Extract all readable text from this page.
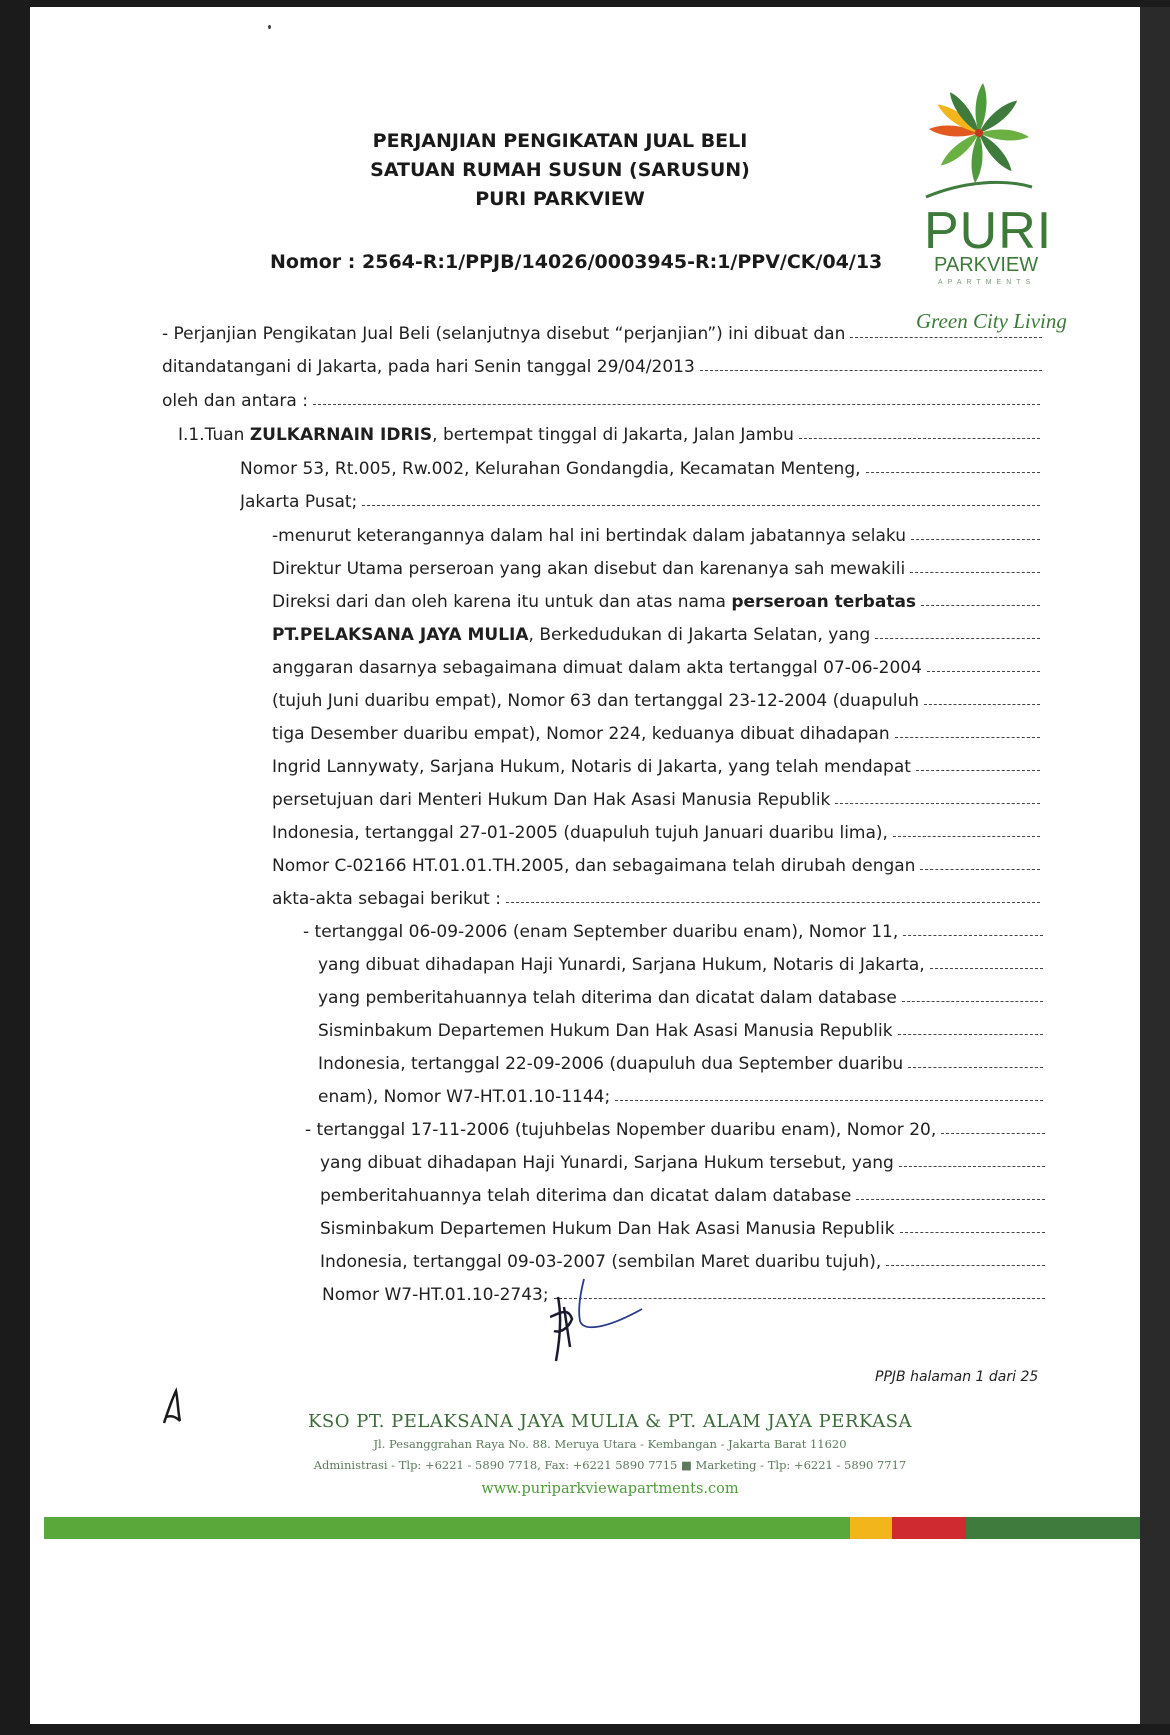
PERJANJIAN PENGIKATAN JUAL BELI
SATUAN RUMAH SUSUN (SARUSUN)
PURI PARKVIEW
Nomor : 2564-R:1/PPJB/14026/0003945-R:1/PPV/CK/04/13
PURI
PARKVIEW
APARTMENTS
Green City Living
- Perjanjian Pengikatan Jual Beli (selanjutnya disebut “perjanjian”) ini dibuat dan
ditandatangani di Jakarta, pada hari Senin tanggal 29/04/2013
oleh dan antara :
I.1.Tuan ZULKARNAIN IDRIS, bertempat tinggal di Jakarta, Jalan Jambu
Nomor 53, Rt.005, Rw.002, Kelurahan Gondangdia, Kecamatan Menteng,
Jakarta Pusat;
-menurut keterangannya dalam hal ini bertindak dalam jabatannya selaku
Direktur Utama perseroan yang akan disebut dan karenanya sah mewakili
Direksi dari dan oleh karena itu untuk dan atas nama perseroan terbatas
PT.PELAKSANA JAYA MULIA, Berkedudukan di Jakarta Selatan, yang
anggaran dasarnya sebagaimana dimuat dalam akta tertanggal 07-06-2004
(tujuh Juni duaribu empat), Nomor 63 dan tertanggal 23-12-2004 (duapuluh
tiga Desember duaribu empat), Nomor 224, keduanya dibuat dihadapan
Ingrid Lannywaty, Sarjana Hukum, Notaris di Jakarta, yang telah mendapat
persetujuan dari Menteri Hukum Dan Hak Asasi Manusia Republik
Indonesia, tertanggal 27-01-2005 (duapuluh tujuh Januari duaribu lima),
Nomor C-02166 HT.01.01.TH.2005, dan sebagaimana telah dirubah dengan
akta-akta sebagai berikut :
- tertanggal 06-09-2006 (enam September duaribu enam), Nomor 11,
yang dibuat dihadapan Haji Yunardi, Sarjana Hukum, Notaris di Jakarta,
yang pemberitahuannya telah diterima dan dicatat dalam database
Sisminbakum Departemen Hukum Dan Hak Asasi Manusia Republik
Indonesia, tertanggal 22-09-2006 (duapuluh dua September duaribu
enam), Nomor W7-HT.01.10-1144;
- tertanggal 17-11-2006 (tujuhbelas Nopember duaribu enam), Nomor 20,
yang dibuat dihadapan Haji Yunardi, Sarjana Hukum tersebut, yang
pemberitahuannya telah diterima dan dicatat dalam database
Sisminbakum Departemen Hukum Dan Hak Asasi Manusia Republik
Indonesia, tertanggal 09-03-2007 (sembilan Maret duaribu tujuh),
Nomor W7-HT.01.10-2743;
PPJB halaman 1 dari 25
KSO PT. PELAKSANA JAYA MULIA & PT. ALAM JAYA PERKASA
Jl. Pesanggrahan Raya No. 88. Meruya Utara - Kembangan - Jakarta Barat 11620
Administrasi - Tlp: +6221 - 5890 7718, Fax: +6221 5890 7715 ■ Marketing - Tlp: +6221 - 5890 7717
www.puriparkviewapartments.com
